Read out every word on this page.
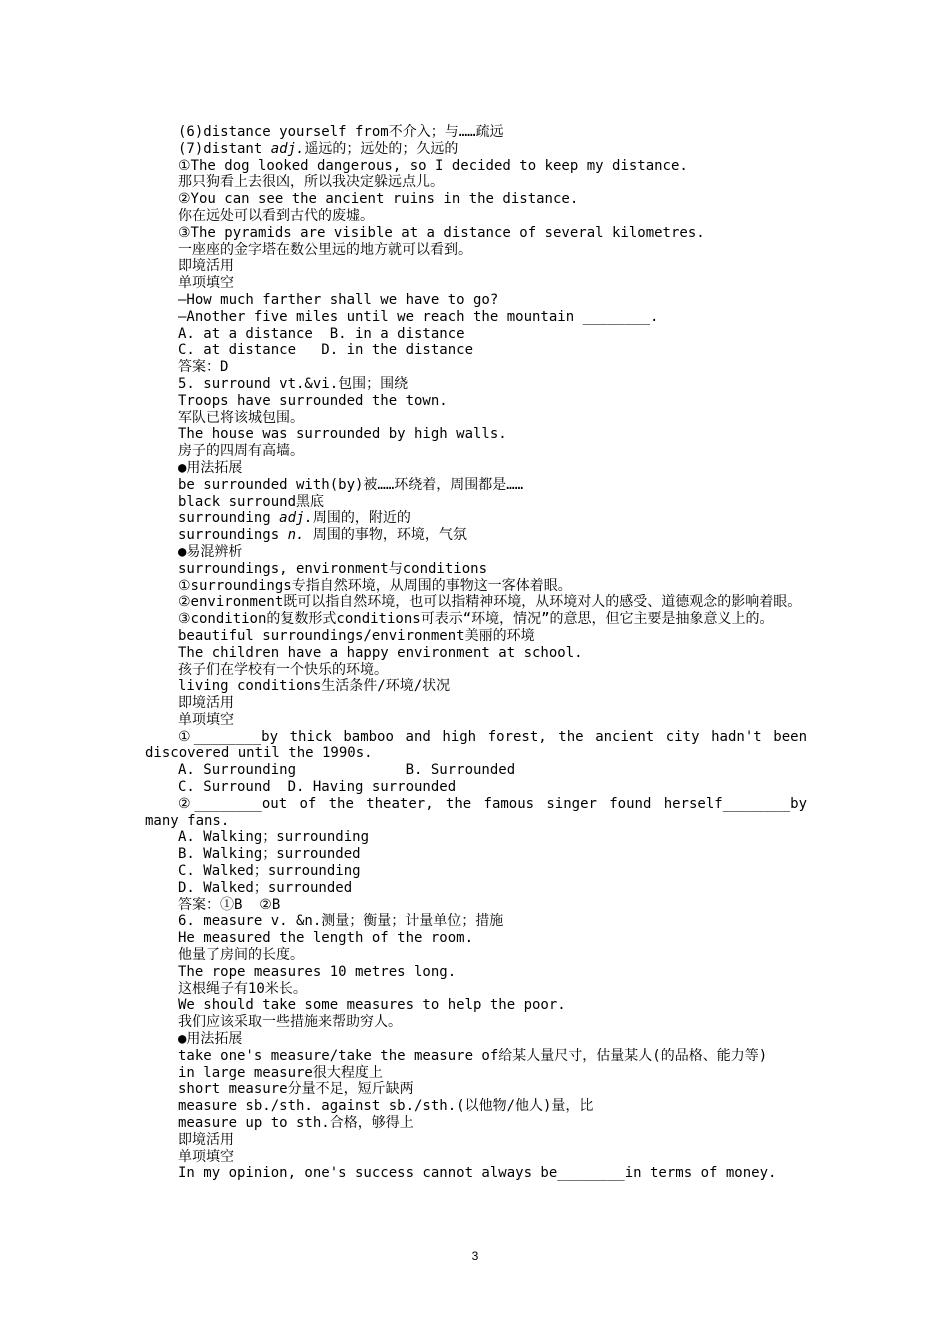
(6)distance yourself from不介入；与……疏远

(7)distant adj.遥远的；远处的；久远的

①The dog looked dangerous, so I decided to keep my distance.

那只狗看上去很凶，所以我决定躲远点儿。

②You can see the ancient ruins in the distance.

你在远处可以看到古代的废墟。

③The pyramids are visible at a distance of several kilometres.

一座座的金字塔在数公里远的地方就可以看到。

即境活用

单项填空

—How much farther shall we have to go?

—Another five miles until we reach the mountain ________.

A. at a distance  B. in a distance

C. at distance   D. in the distance

答案：D

5. surround vt.&vi.包围；围绕

Troops have surrounded the town.

军队已将该城包围。

The house was surrounded by high walls.

房子的四周有高墙。

●用法拓展

be surrounded with(by)被……环绕着，周围都是……

black surround黑底

surrounding adj.周围的，附近的

surroundings n. 周围的事物，环境，气氛

●易混辨析

surroundings, environment与conditions

①surroundings专指自然环境，从周围的事物这一客体着眼。

②environment既可以指自然环境，也可以指精神环境，从环境对人的感受、道德观念的影响着眼。

③condition的复数形式conditions可表示“环境，情况”的意思，但它主要是抽象意义上的。

beautiful surroundings/environment美丽的环境

The children have a happy environment at school.

孩子们在学校有一个快乐的环境。

living conditions生活条件/环境/状况

即境活用

单项填空

①________by thick bamboo and high forest, the ancient city hadn't been discovered until the 1990s.

A. Surrounding             B. Surrounded

C. Surround  D. Having surrounded

②________out of the theater, the famous singer found herself________by many fans.

A. Walking；surrounding

B. Walking；surrounded

C. Walked；surrounding

D. Walked；surrounded

答案：①B  ②B

6. measure v. &n.测量；衡量；计量单位；措施

He measured the length of the room.

他量了房间的长度。

The rope measures 10 metres long.

这根绳子有10米长。

We should take some measures to help the poor.

我们应该采取一些措施来帮助穷人。

●用法拓展

take one's measure/take the measure of给某人量尺寸，估量某人(的品格、能力等)

in large measure很大程度上

short measure分量不足，短斤缺两

measure sb./sth. against sb./sth.(以他物/他人)量，比

measure up to sth.合格，够得上

即境活用

单项填空

In my opinion, one's success cannot always be________in terms of money.

3
